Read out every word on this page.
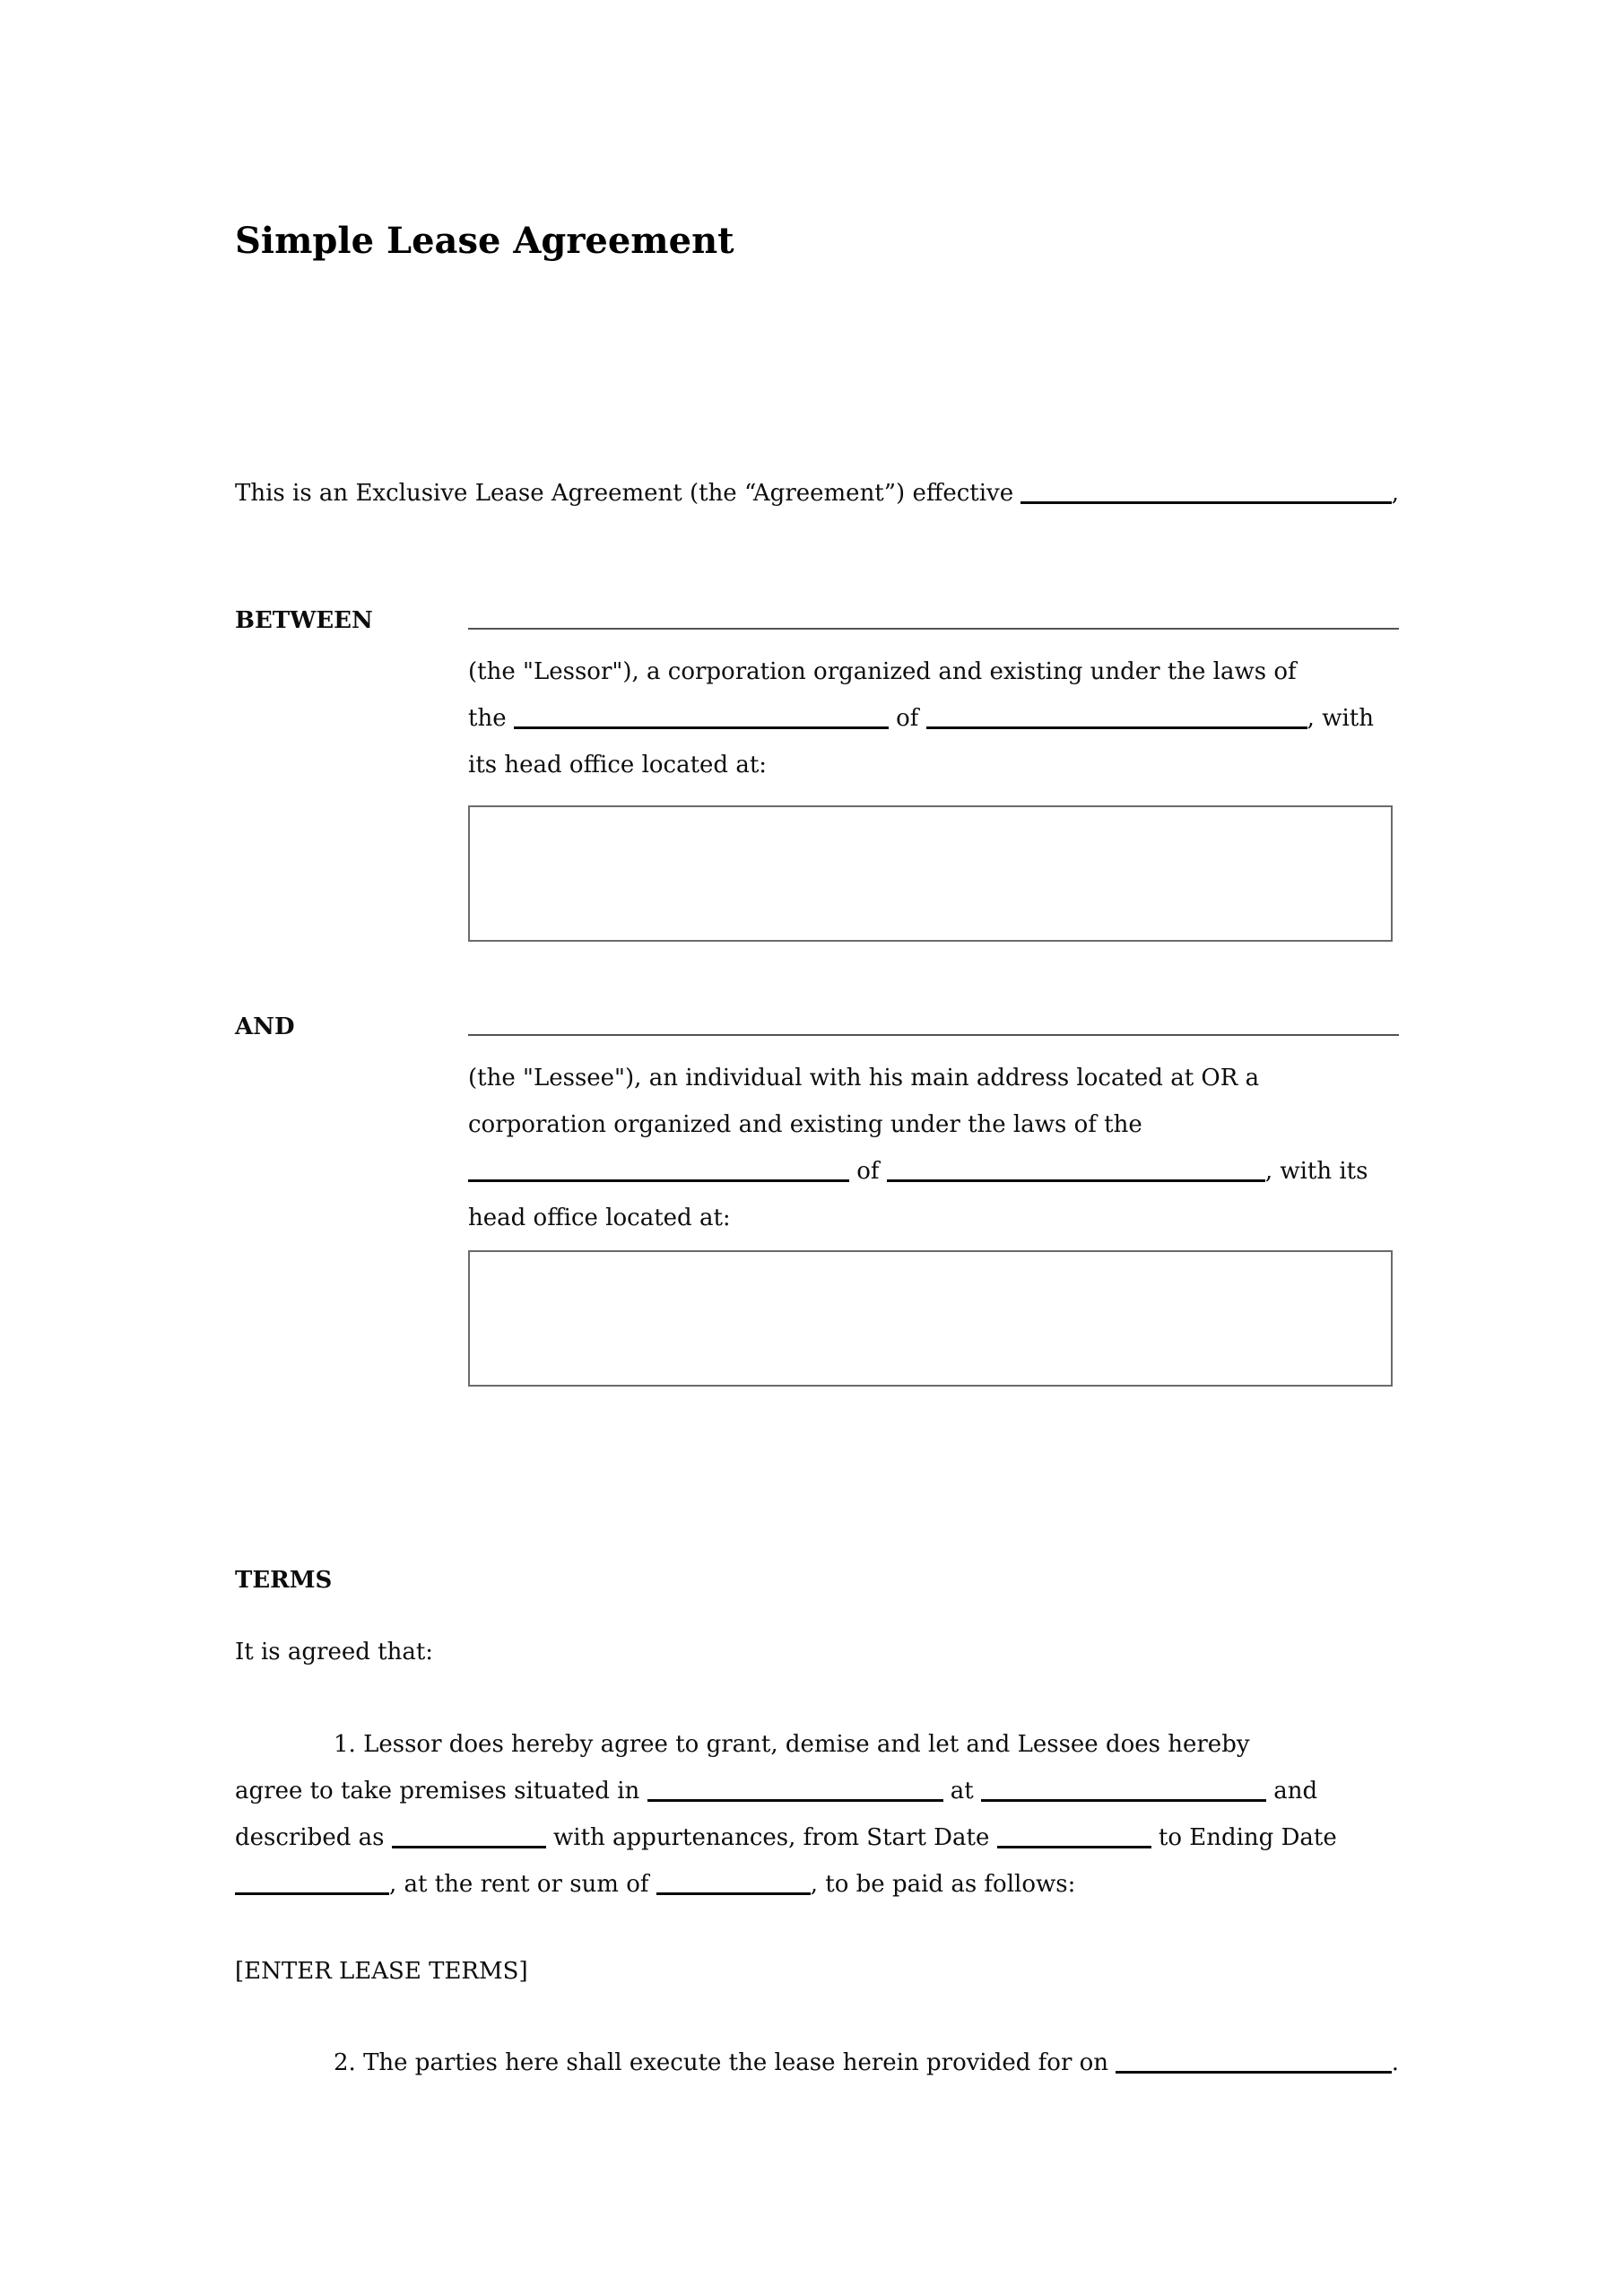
Simple Lease Agreement
This is an Exclusive Lease Agreement (the “Agreement”) effective	,
BETWEEN
(the "Lessor"), a corporation organized and existing under the laws of
the	of	, with
its head office located at:
AND
(the "Lessee"), an individual with his main address located at OR a
corporation organized and existing under the laws of the
of	, with its
head office located at:
TERMS
It is agreed that:
1. Lessor does hereby agree to grant, demise and let and Lessee does hereby
agree to take premises situated in	at	and
described as	with appurtenances, from Start Date	to Ending Date
, at the rent or sum of	, to be paid as follows:
[ENTER LEASE TERMS]
2. The parties here shall execute the lease herein provided for on	.
